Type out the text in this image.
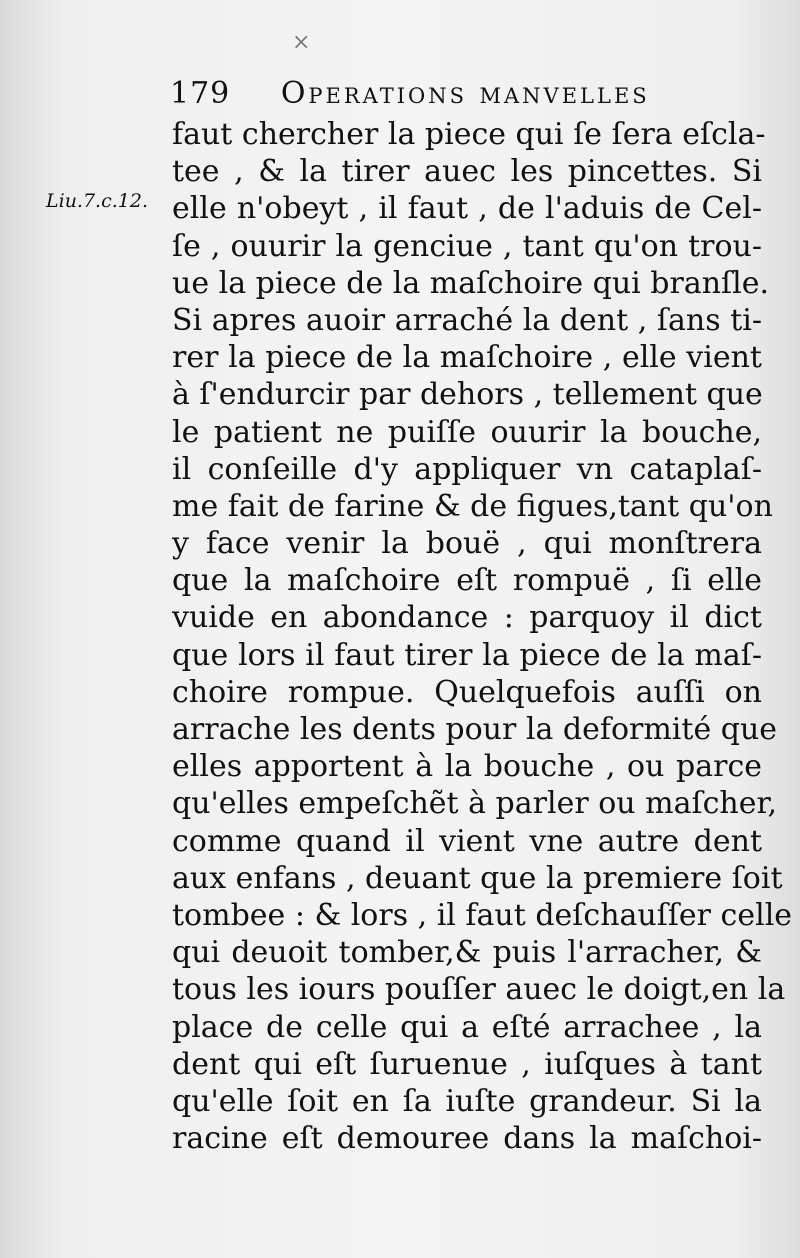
×
179 Operations manvelles
Liu.7.c.12.
faut chercher la piece qui ſe ſera eſcla-
tee , & la tirer auec les pincettes. Si
elle n'obeyt , il faut , de l'aduis de Cel-
ſe , ouurir la genciue , tant qu'on trou-
ue la piece de la maſchoire qui branſle.
Si apres auoir arraché la dent , ſans ti-
rer la piece de la maſchoire , elle vient
à ſ'endurcir par dehors , tellement que
le patient ne puiſſe ouurir la bouche,
il conſeille d'y appliquer vn cataplaſ-
me fait de farine & de figues,tant qu'on
y face venir la bouë , qui monſtrera
que la maſchoire eſt rompuë , ſi elle
vuide en abondance : parquoy il dict
que lors il faut tirer la piece de la maſ-
choire rompue. Quelquefois auſſi on
arrache les dents pour la deformité que
elles apportent à la bouche , ou parce
qu'elles empeſchẽt à parler ou maſcher,
comme quand il vient vne autre dent
aux enfans , deuant que la premiere ſoit
tombee : & lors , il faut deſchauſſer celle
qui deuoit tomber,& puis l'arracher, &
tous les iours pouſſer auec le doigt,en la
place de celle qui a eſté arrachee , la
dent qui eſt ſuruenue , iuſques à tant
qu'elle ſoit en ſa iuſte grandeur. Si la
racine eſt demouree dans la maſchoi-
